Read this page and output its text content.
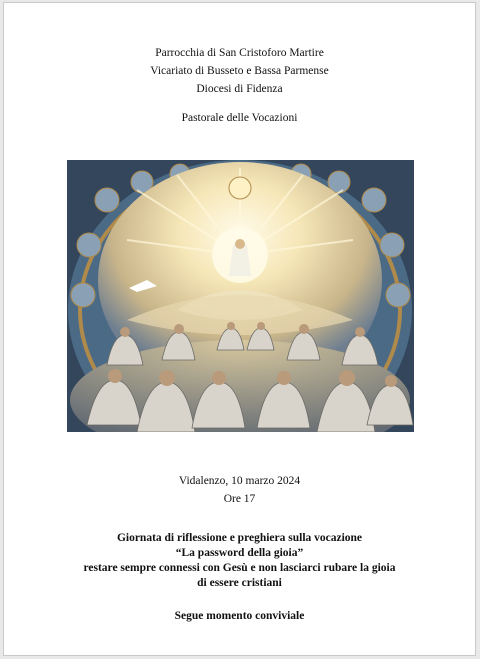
Parrocchia di San Cristoforo Martire
Vicariato di Busseto e Bassa Parmense
Diocesi di Fidenza
Pastorale delle Vocazioni
Vidalenzo, 10 marzo 2024
Ore 17
Giornata di riflessione e preghiera sulla vocazione
“La password della gioia”
restare sempre connessi con Gesù e non lasciarci rubare la gioia
di essere cristiani
Segue momento conviviale
